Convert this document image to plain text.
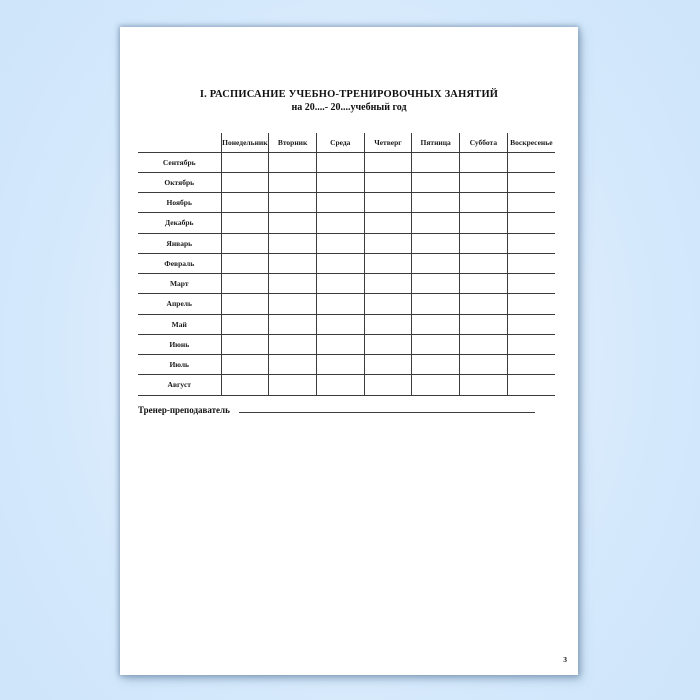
I. РАСПИСАНИЕ УЧЕБНО-ТРЕНИРОВОЧНЫХ ЗАНЯТИЙ
на 20....- 20....учебный год
	Понедельник	Вторник	Среда	Четверг	Пятница	Суббота	Воскресенье
Сентябрь							
Октябрь							
Ноябрь							
Декабрь							
Январь							
Февраль							
Март							
Апрель							
Май							
Июнь							
Июль							
Август							
Тренер-преподаватель
3
